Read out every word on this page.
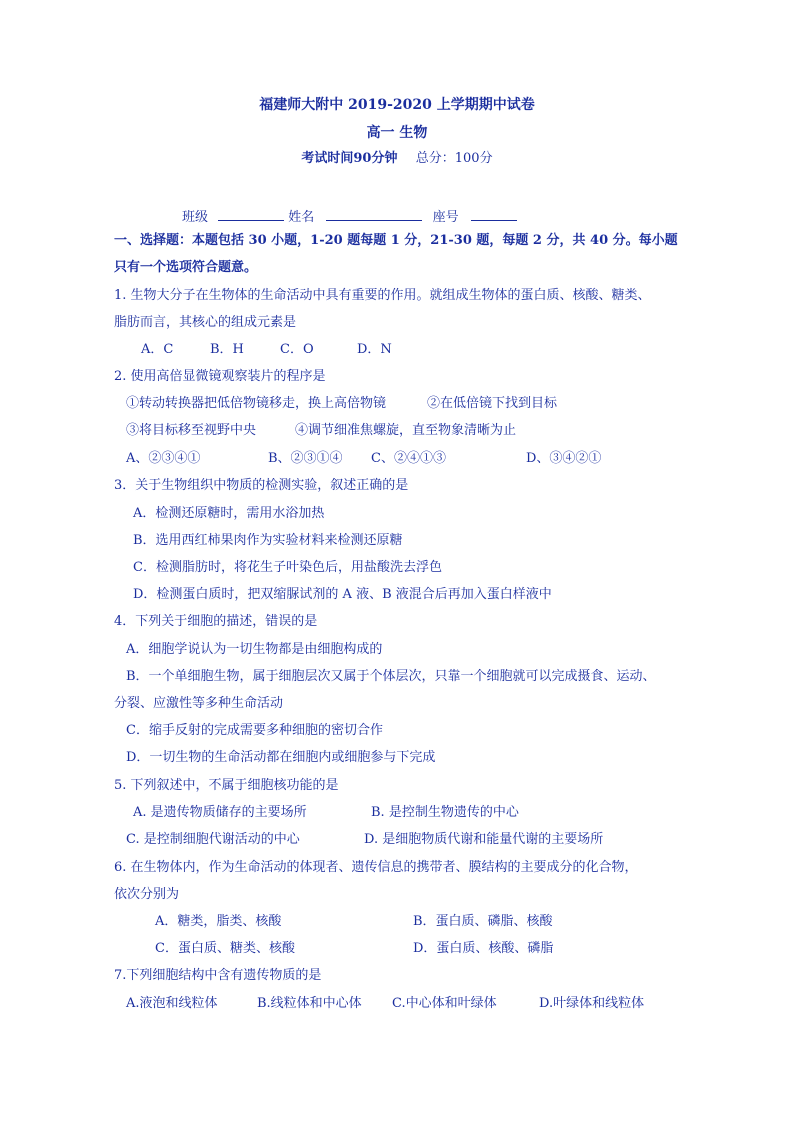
福建师大附中 2019-2020 上学期期中试卷
高一 生物
考试时间90分钟 总分：100分
班级	姓名	座号
一、选择题：本题包括 30 小题，1-20 题每题 1 分，21-30 题，每题 2 分，共 40 分。每小题
只有一个选项符合题意。
1. 生物大分子在生物体的生命活动中具有重要的作用。就组成生物体的蛋白质、核酸、糖类、
脂肪而言，其核心的组成元素是
A．C	B．H	C．O	D．N
2. 使用高倍显微镜观察装片的程序是
①转动转换器把低倍物镜移走，换上高倍物镜	②在低倍镜下找到目标
③将目标移至视野中央	④调节细准焦螺旋，直至物象清晰为止
A、②③④①	B、②③①④ C、②④①③	D、③④②①
3．关于生物组织中物质的检测实验，叙述正确的是
A．检测还原糖时，需用水浴加热
B．选用西红柿果肉作为实验材料来检测还原糖
C．检测脂肪时，将花生子叶染色后，用盐酸洗去浮色
D．检测蛋白质时，把双缩脲试剂的 A 液、B 液混合后再加入蛋白样液中
4．下列关于细胞的描述，错误的是
A．细胞学说认为一切生物都是由细胞构成的
B．一个单细胞生物，属于细胞层次又属于个体层次，只靠一个细胞就可以完成摄食、运动、
分裂、应激性等多种生命活动
C．缩手反射的完成需要多种细胞的密切合作
D．一切生物的生命活动都在细胞内或细胞参与下完成
5. 下列叙述中，不属于细胞核功能的是
A. 是遗传物质储存的主要场所	B. 是控制生物遗传的中心
C. 是控制细胞代谢活动的中心	D. 是细胞物质代谢和能量代谢的主要场所
6. 在生物体内，作为生命活动的体现者、遗传信息的携带者、膜结构的主要成分的化合物，
依次分别为
A．糖类，脂类、核酸	B．蛋白质、磷脂、核酸
C．蛋白质、糖类、核酸	D．蛋白质、核酸、磷脂
7.下列细胞结构中含有遗传物质的是
A.液泡和线粒体	B.线粒体和中心体 C.中心体和叶绿体	D.叶绿体和线粒体
